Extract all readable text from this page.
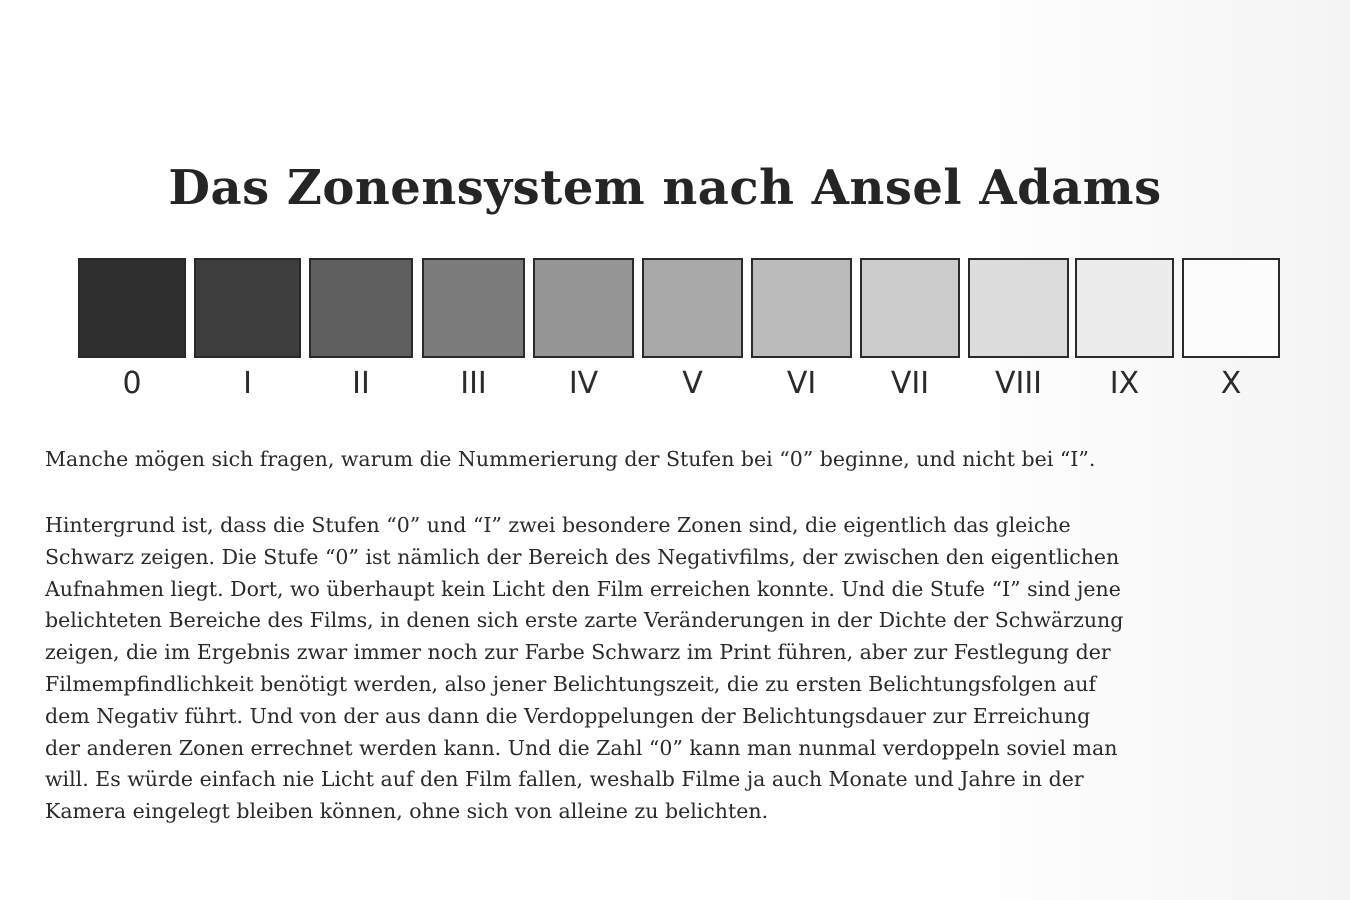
Das Zonensystem nach Ansel Adams
0	I	II	III	IV	V	VI	VII	VIII	IX	X

Manche mögen sich fragen, warum die Nummerierung der Stufen bei “0” beginne, und nicht bei “I”.

Hintergrund ist, dass die Stufen “0” und “I” zwei besondere Zonen sind, die eigentlich das gleiche
Schwarz zeigen. Die Stufe “0” ist nämlich der Bereich des Negativfilms, der zwischen den eigentlichen
Aufnahmen liegt. Dort, wo überhaupt kein Licht den Film erreichen konnte. Und die Stufe “I” sind jene
belichteten Bereiche des Films, in denen sich erste zarte Veränderungen in der Dichte der Schwärzung
zeigen, die im Ergebnis zwar immer noch zur Farbe Schwarz im Print führen, aber zur Festlegung der
Filmempfindlichkeit benötigt werden, also jener Belichtungszeit, die zu ersten Belichtungsfolgen auf
dem Negativ führt. Und von der aus dann die Verdoppelungen der Belichtungsdauer zur Erreichung
der anderen Zonen errechnet werden kann. Und die Zahl “0” kann man nunmal verdoppeln soviel man
will. Es würde einfach nie Licht auf den Film fallen, weshalb Filme ja auch Monate und Jahre in der
Kamera eingelegt bleiben können, ohne sich von alleine zu belichten.
